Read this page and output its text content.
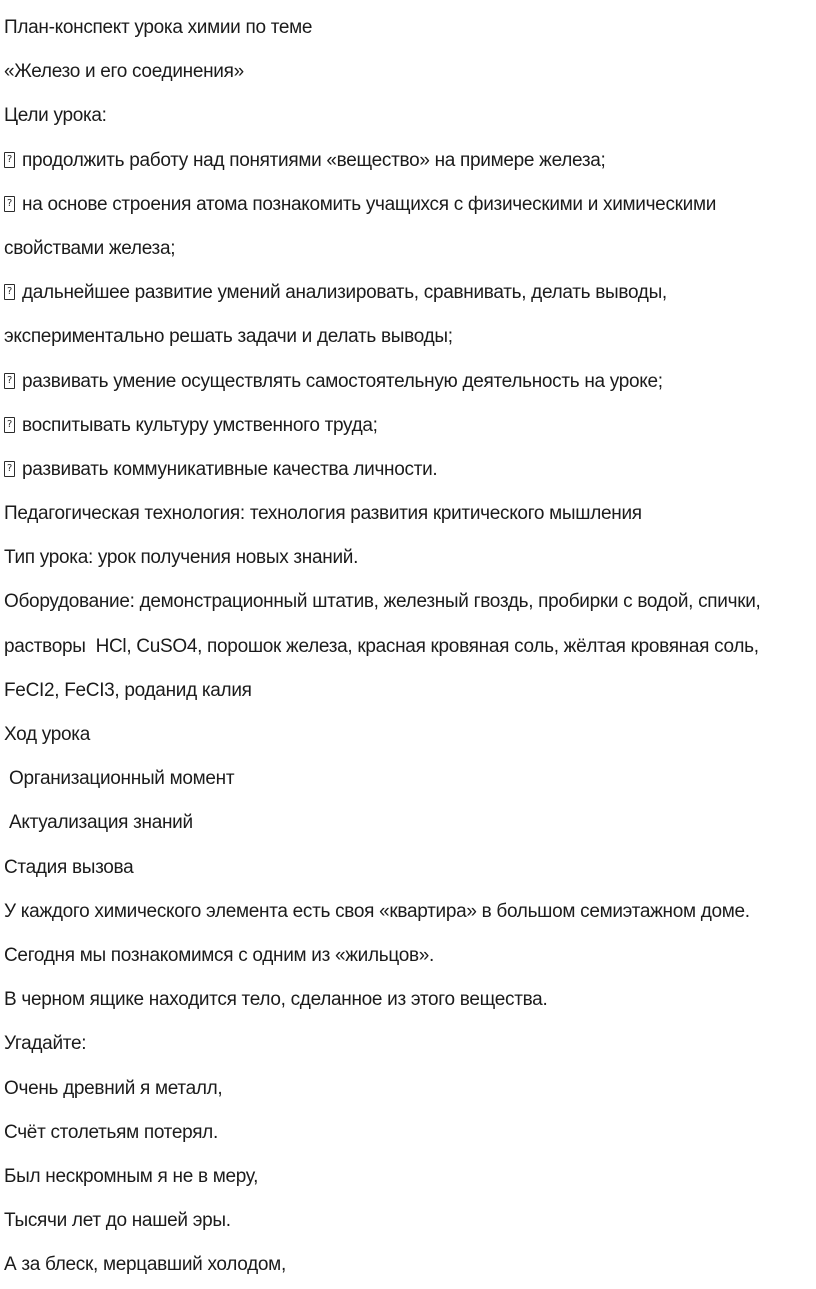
План-конспект урока химии по теме
«Железо и его соединения»
Цели урока:
? продолжить работу над понятиями «вещество» на примере железа;
? на основе строения атома познакомить учащихся с физическими и химическими
свойствами железа;
? дальнейшее развитие умений анализировать, сравнивать, делать выводы,
экспериментально решать задачи и делать выводы;
? развивать умение осуществлять самостоятельную деятельность на уроке;
? воспитывать культуру умственного труда;
? развивать коммуникативные качества личности.
Педагогическая технология: технология развития критического мышления
Тип урока: урок получения новых знаний.
Оборудование: демонстрационный штатив, железный гвоздь, пробирки с водой, спички,
растворы  HCl, CuSO4, порошок железа, красная кровяная соль, жёлтая кровяная соль,
FeCI2, FeCI3, роданид калия
Ход урока
Организационный момент
Актуализация знаний
Стадия вызова
У каждого химического элемента есть своя «квартира» в большом семиэтажном доме.
Сегодня мы познакомимся с одним из «жильцов».
В черном ящике находится тело, сделанное из этого вещества.
Угадайте:
Очень древний я металл,
Счёт столетьям потерял.
Был нескромным я не в меру,
Тысячи лет до нашей эры.
А за блеск, мерцавший холодом,
